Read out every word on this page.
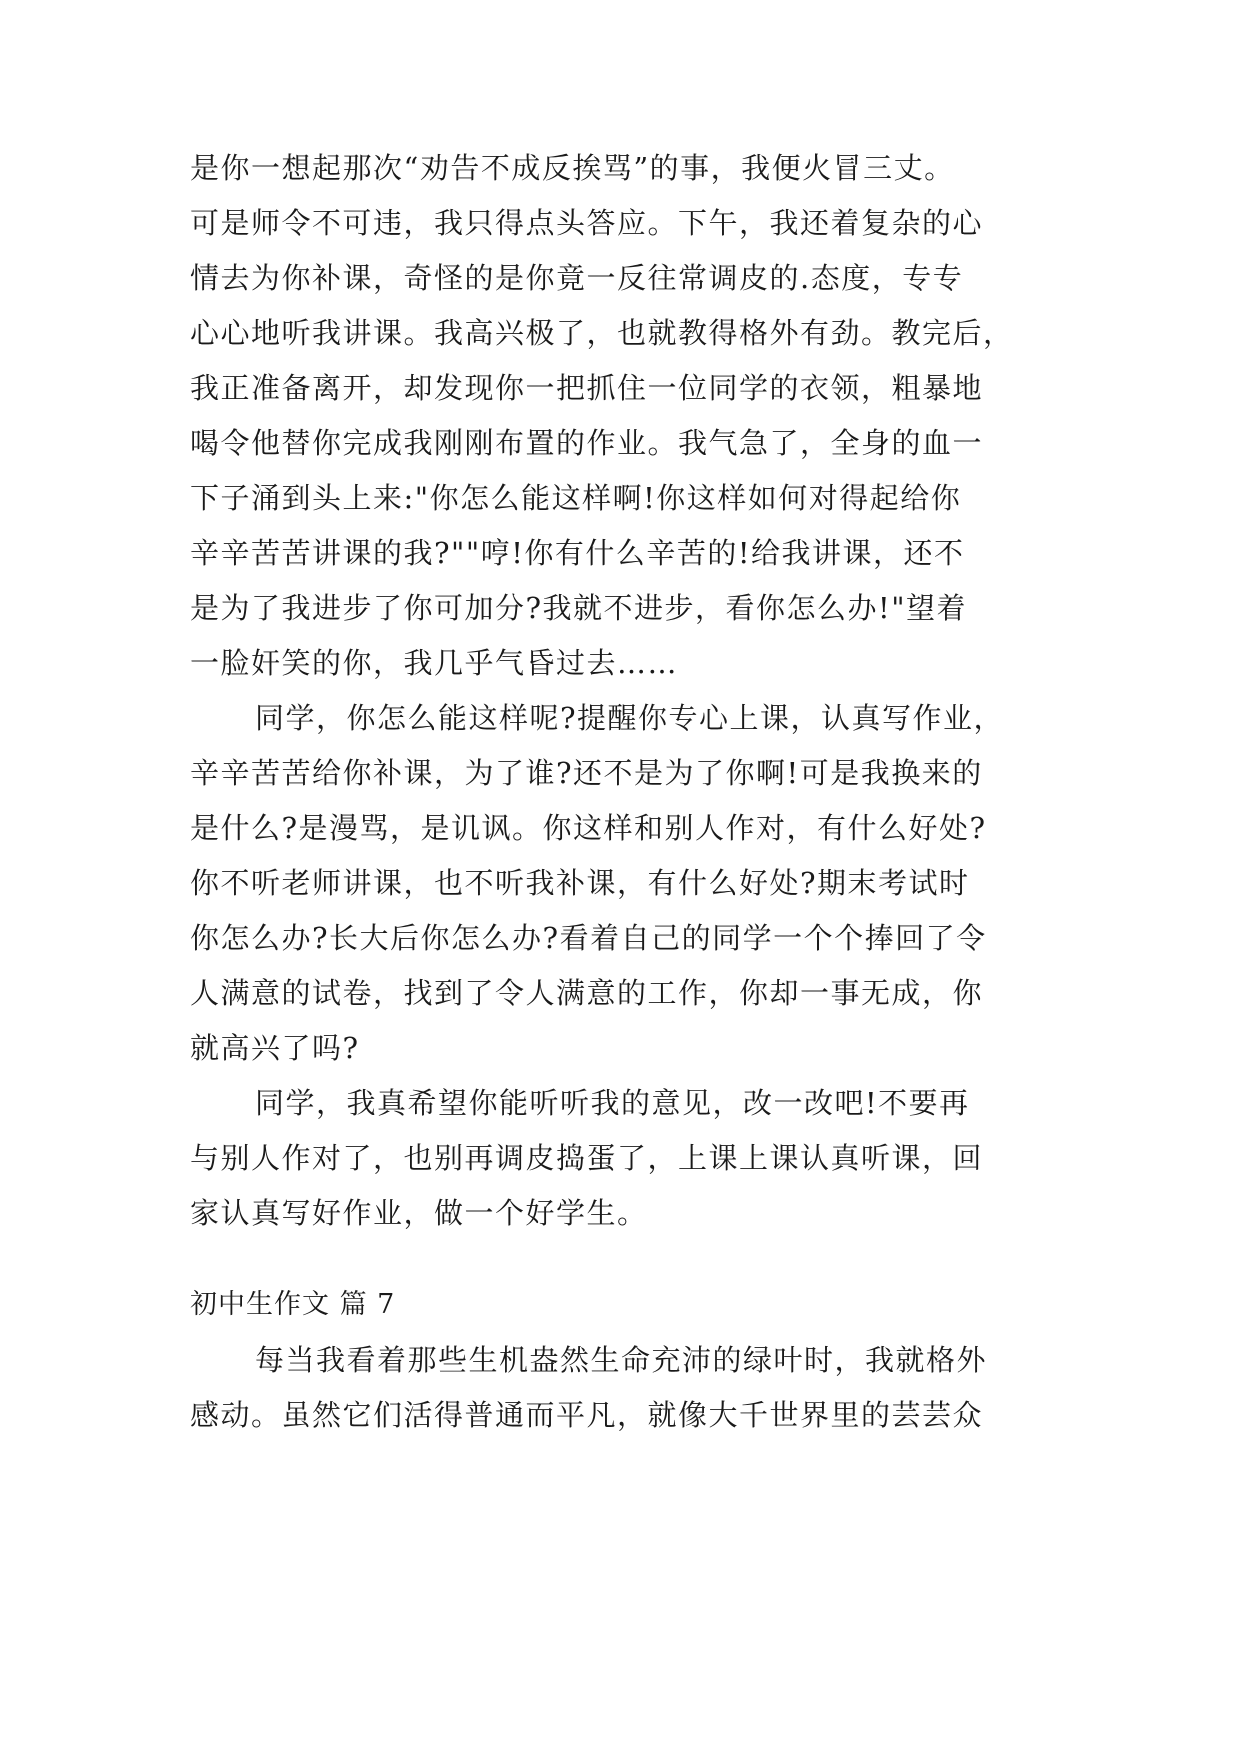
是你一想起那次“劝告不成反挨骂”的事，我便火冒三丈。
可是师令不可违，我只得点头答应。下午，我还着复杂的心
情去为你补课，奇怪的是你竟一反往常调皮的.态度，专专
心心地听我讲课。我高兴极了，也就教得格外有劲。教完后，
我正准备离开，却发现你一把抓住一位同学的衣领，粗暴地
喝令他替你完成我刚刚布置的作业。我气急了，全身的血一
下子涌到头上来:"你怎么能这样啊!你这样如何对得起给你
辛辛苦苦讲课的我?""哼!你有什么辛苦的!给我讲课，还不
是为了我进步了你可加分?我就不进步，看你怎么办!"望着
一脸奸笑的你，我几乎气昏过去……
同学，你怎么能这样呢?提醒你专心上课，认真写作业，
辛辛苦苦给你补课，为了谁?还不是为了你啊!可是我换来的
是什么?是漫骂，是讥讽。你这样和别人作对，有什么好处?
你不听老师讲课，也不听我补课，有什么好处?期末考试时
你怎么办?长大后你怎么办?看着自己的同学一个个捧回了令
人满意的试卷，找到了令人满意的工作，你却一事无成，你
就高兴了吗?
同学，我真希望你能听听我的意见，改一改吧!不要再
与别人作对了，也别再调皮捣蛋了，上课上课认真听课，回
家认真写好作业，做一个好学生。
初中生作文 篇 7
每当我看着那些生机盎然生命充沛的绿叶时，我就格外
感动。虽然它们活得普通而平凡，就像大千世界里的芸芸众
